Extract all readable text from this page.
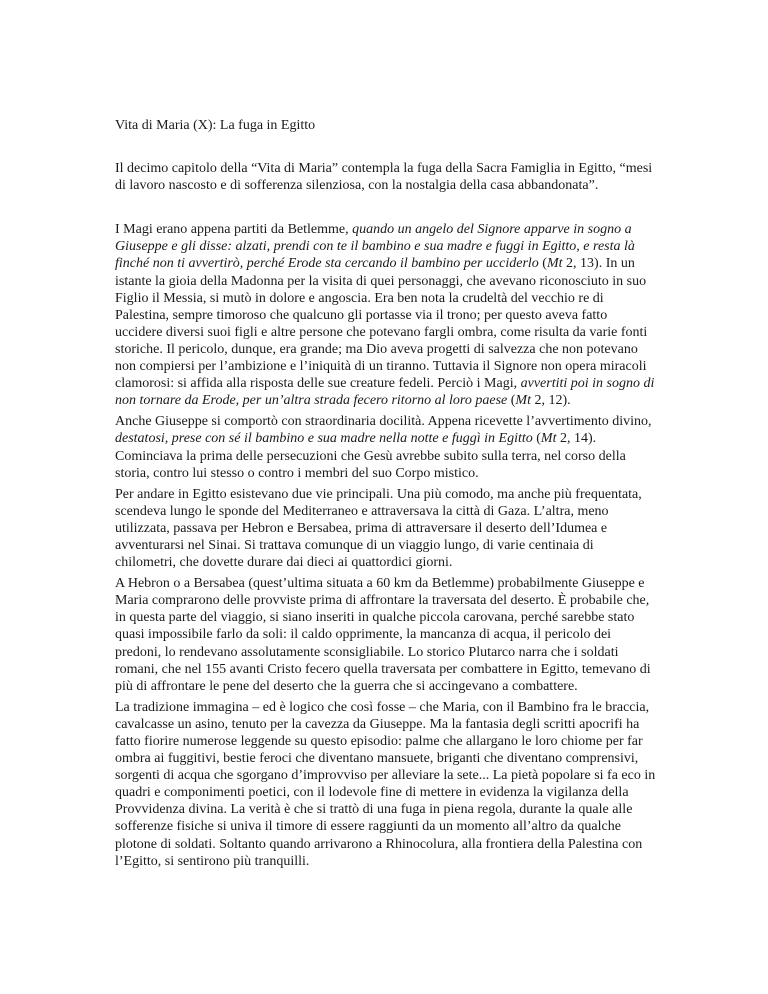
Vita di Maria (X): La fuga in Egitto

Il decimo capitolo della “Vita di Maria” contempla la fuga della Sacra Famiglia in Egitto, “mesi di lavoro nascosto e di sofferenza silenziosa, con la nostalgia della casa abbandonata”.

I Magi erano appena partiti da Betlemme, quando un angelo del Signore apparve in sogno a Giuseppe e gli disse: alzati, prendi con te il bambino e sua madre e fuggi in Egitto, e resta là finché non ti avvertirò, perché Erode sta cercando il bambino per ucciderlo (Mt 2, 13). In un istante la gioia della Madonna per la visita di quei personaggi, che avevano riconosciuto in suo Figlio il Messia, si mutò in dolore e angoscia. Era ben nota la crudeltà del vecchio re di Palestina, sempre timoroso che qualcuno gli portasse via il trono; per questo aveva fatto uccidere diversi suoi figli e altre persone che potevano fargli ombra, come risulta da varie fonti storiche. Il pericolo, dunque, era grande; ma Dio aveva progetti di salvezza che non potevano non compiersi per l’ambizione e l’iniquità di un tiranno. Tuttavia il Signore non opera miracoli clamorosi: si affida alla risposta delle sue creature fedeli. Perciò i Magi, avvertiti poi in sogno di non tornare da Erode, per un’altra strada fecero ritorno al loro paese (Mt 2, 12).

Anche Giuseppe si comportò con straordinaria docilità. Appena ricevette l’avvertimento divino, destatosi, prese con sé il bambino e sua madre nella notte e fuggì in Egitto (Mt 2, 14). Cominciava la prima delle persecuzioni che Gesù avrebbe subito sulla terra, nel corso della storia, contro lui stesso o contro i membri del suo Corpo mistico.

Per andare in Egitto esistevano due vie principali. Una più comodo, ma anche più frequentata, scendeva lungo le sponde del Mediterraneo e attraversava la città di Gaza. L’altra, meno utilizzata, passava per Hebron e Bersabea, prima di attraversare il deserto dell’Idumea e avventurarsi nel Sinai. Si trattava comunque di un viaggio lungo, di varie centinaia di chilometri, che dovette durare dai dieci ai quattordici giorni.

A Hebron o a Bersabea (quest’ultima situata a 60 km da Betlemme) probabilmente Giuseppe e Maria comprarono delle provviste prima di affrontare la traversata del deserto. È probabile che, in questa parte del viaggio, si siano inseriti in qualche piccola carovana, perché sarebbe stato quasi impossibile farlo da soli: il caldo opprimente, la mancanza di acqua, il pericolo dei predoni, lo rendevano assolutamente sconsigliabile. Lo storico Plutarco narra che i soldati romani, che nel 155 avanti Cristo fecero quella traversata per combattere in Egitto, temevano di più di affrontare le pene del deserto che la guerra che si accingevano a combattere.

La tradizione immagina – ed è logico che così fosse – che Maria, con il Bambino fra le braccia, cavalcasse un asino, tenuto per la cavezza da Giuseppe. Ma la fantasia degli scritti apocrifi ha fatto fiorire numerose leggende su questo episodio: palme che allargano le loro chiome per far ombra ai fuggitivi, bestie feroci che diventano mansuete, briganti che diventano comprensivi, sorgenti di acqua che sgorgano d’improvviso per alleviare la sete... La pietà popolare si fa eco in quadri e componimenti poetici, con il lodevole fine di mettere in evidenza la vigilanza della Provvidenza divina. La verità è che si trattò di una fuga in piena regola, durante la quale alle sofferenze fisiche si univa il timore di essere raggiunti da un momento all’altro da qualche plotone di soldati. Soltanto quando arrivarono a Rhinocolura, alla frontiera della Palestina con l’Egitto, si sentirono più tranquilli.
